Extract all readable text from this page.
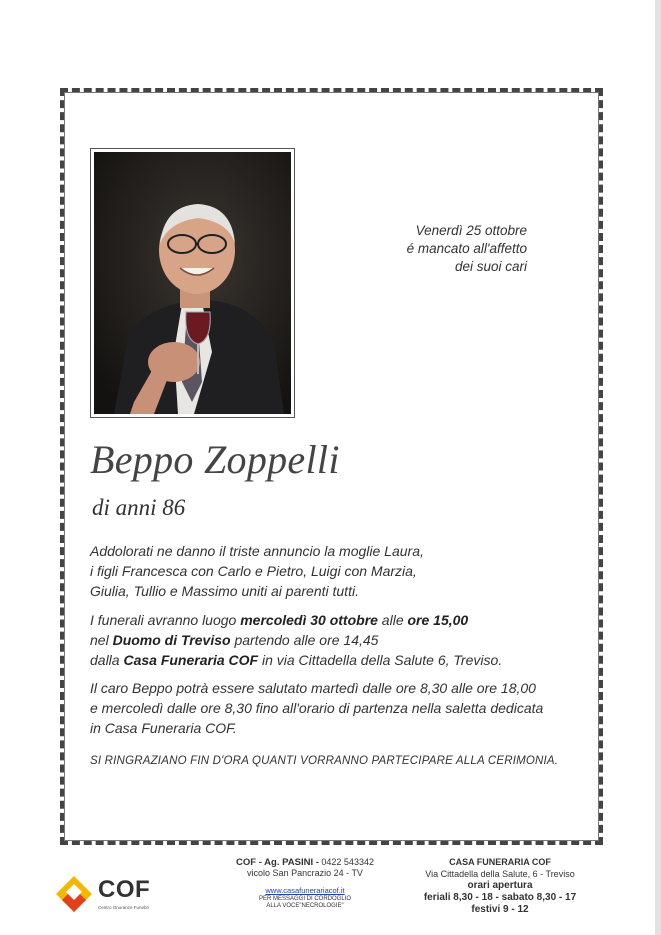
Venerdì 25 ottobre
é mancato all'affetto
dei suoi cari
Beppo Zoppelli
di anni 86
Addolorati ne danno il triste annuncio la moglie Laura,
i figli Francesca con Carlo e Pietro, Luigi con Marzia,
Giulia, Tullio e Massimo uniti ai parenti tutti.
I funerali avranno luogo mercoledì 30 ottobre alle ore 15,00
nel Duomo di Treviso partendo alle ore 14,45
dalla Casa Funeraria COF in via Cittadella della Salute 6, Treviso.
Il caro Beppo potrà essere salutato martedì dalle ore 8,30 alle ore 18,00
e mercoledì dalle ore 8,30 fino all'orario di partenza nella saletta dedicata
in Casa Funeraria COF.
SI RINGRAZIANO FIN D'ORA QUANTI VORRANNO PARTECIPARE ALLA CERIMONIA.
COF
Centro Onoranze Funebri
COF - Ag. PASINI - 0422 543342
vicolo San Pancrazio 24 - TV
www.casafunerariacof.it
PER MESSAGGI DI CORDOGLIO
ALLA VOCE"NECROLOGIE"
CASA FUNERARIA COF
Via Cittadella della Salute, 6 - Treviso
orari apertura
feriali 8,30 - 18 - sabato 8,30 - 17
festivi 9 - 12
